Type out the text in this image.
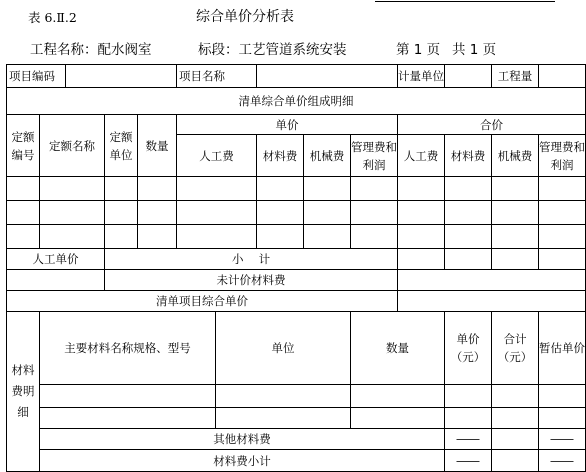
表 6.Ⅱ.2	综合单价分析表
工程名称：配水阀室	标段：工艺管道系统安装	第 1 页 共 1 页
项目编码					项目名称					计量单位		工程量		
清单综合单价组成明细														
定额编号	定额名称		定额单位	数量	单价					合价				
					人工费		材料费	机械费	管理费和利润	人工费	材料费	机械费	管理费和利润	

人工单价			小　 计											
			未计价材料费											
清单项目综合单价														
材料费明细	主要材料名称规格、型号					单位			数量		单价（元）	合计（元）	暂估单价	

	其他材料费										――		――	
	材料费小计										――		――	
